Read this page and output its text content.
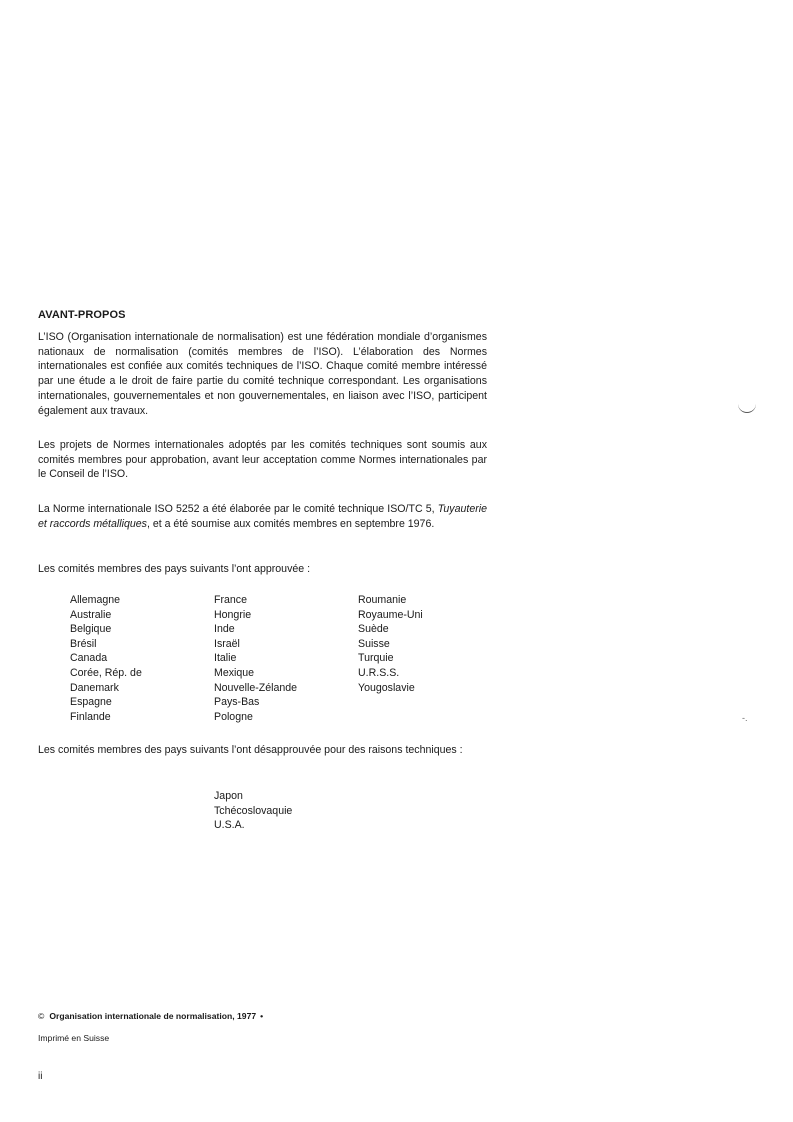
AVANT-PROPOS

L’ISO (Organisation internationale de normalisation) est une fédération mondiale d’organismes nationaux de normalisation (comités membres de l’ISO). L’élaboration des Normes internationales est confiée aux comités techniques de l’ISO. Chaque comité membre intéressé par une étude a le droit de faire partie du comité technique correspondant. Les organisations internationales, gouvernementales et non gouvernementales, en liaison avec l’ISO, participent également aux travaux.

Les projets de Normes internationales adoptés par les comités techniques sont soumis aux comités membres pour approbation, avant leur acceptation comme Normes internationales par le Conseil de l’ISO.

La Norme internationale ISO 5252 a été élaborée par le comité technique ISO/TC 5, Tuyauterie et raccords métalliques, et a été soumise aux comités membres en septembre 1976.

Les comités membres des pays suivants l’ont approuvée :

Allemagne
Australie
Belgique
Brésil
Canada
Corée, Rép. de
Danemark
Espagne
Finlande
France
Hongrie
Inde
Israël
Italie
Mexique
Nouvelle-Zélande
Pays-Bas
Pologne
Roumanie
Royaume-Uni
Suède
Suisse
Turquie
U.R.S.S.
Yougoslavie

Les comités membres des pays suivants l’ont désapprouvée pour des raisons techniques :

Japon
Tchécoslovaquie
U.S.A.
© Organisation internationale de normalisation, 1977 •
Imprimé en Suisse
ii
-.
